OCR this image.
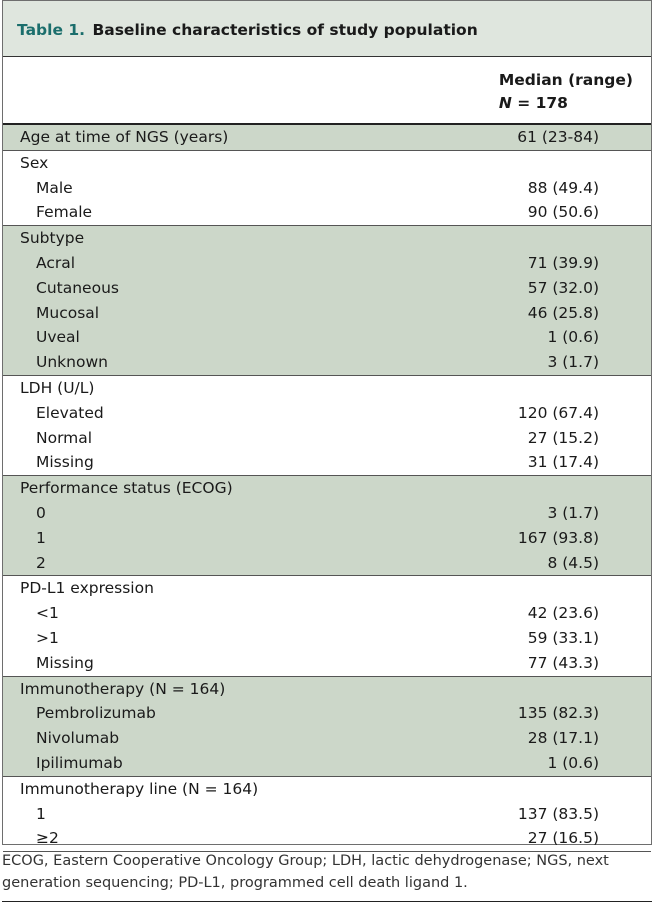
Table 1. Baseline characteristics of study population
Median (range)
N = 178
Age at time of NGS (years)	61 (23-84)
Sex
Male	88 (49.4)
Female	90 (50.6)
Subtype
Acral	71 (39.9)
Cutaneous	57 (32.0)
Mucosal	46 (25.8)
Uveal	1 (0.6)
Unknown	3 (1.7)
LDH (U/L)
Elevated	120 (67.4)
Normal	27 (15.2)
Missing	31 (17.4)
Performance status (ECOG)
0	3 (1.7)
1	167 (93.8)
2	8 (4.5)
PD-L1 expression
<1	42 (23.6)
>1	59 (33.1)
Missing	77 (43.3)
Immunotherapy (N = 164)
Pembrolizumab	135 (82.3)
Nivolumab	28 (17.1)
Ipilimumab	1 (0.6)
Immunotherapy line (N = 164)
1	137 (83.5)
≥2	27 (16.5)
ECOG, Eastern Cooperative Oncology Group; LDH, lactic dehydrogenase; NGS, next generation sequencing; PD-L1, programmed cell death ligand 1.
